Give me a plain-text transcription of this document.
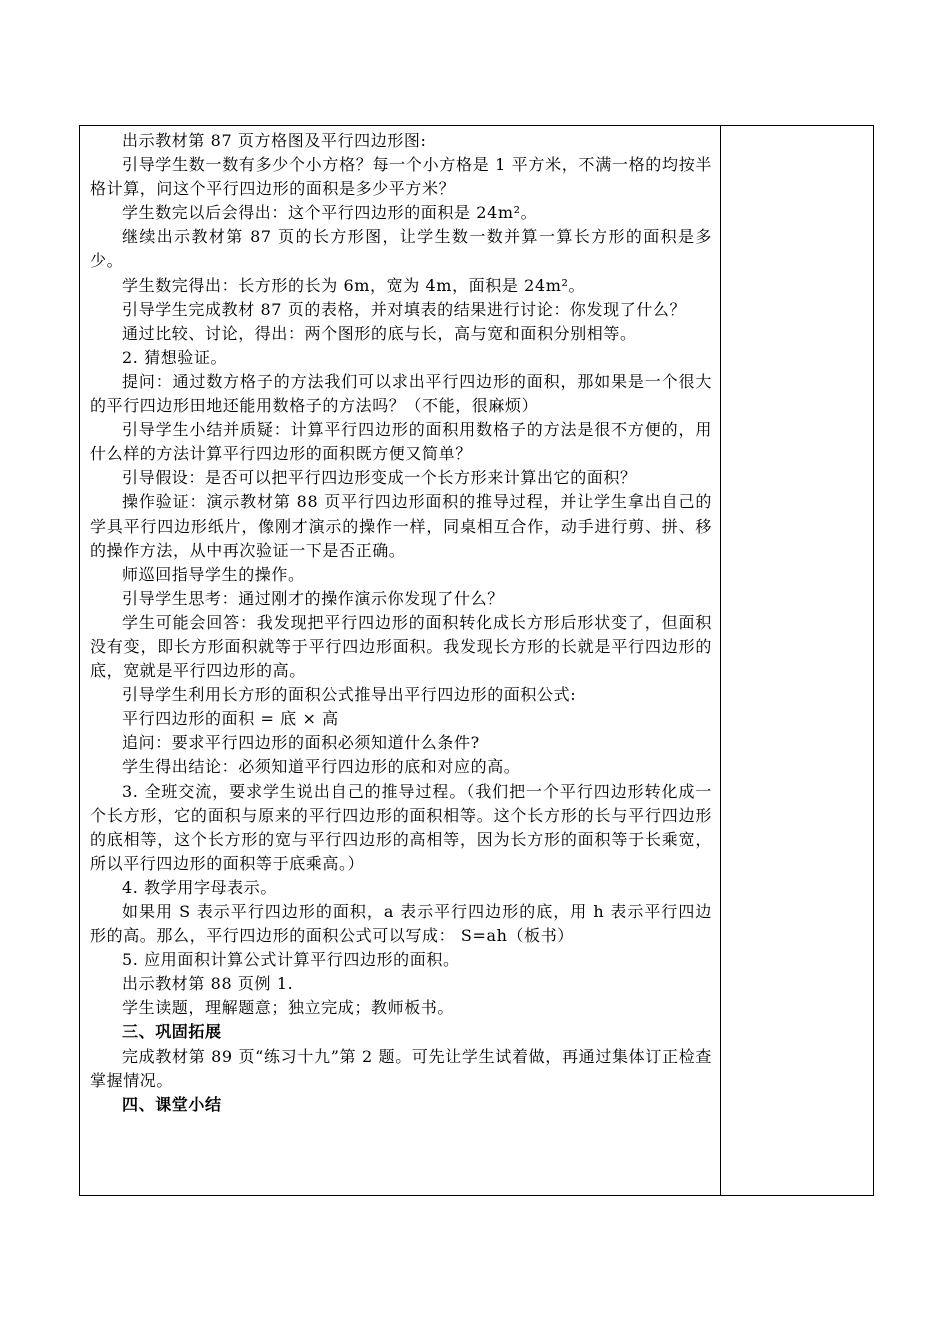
出示教材第 87 页方格图及平行四边形图:

引导学生数一数有多少个小方格？每一个小方格是 1 平方米，不满一格的均按半格计算，问这个平行四边形的面积是多少平方米？

学生数完以后会得出：这个平行四边形的面积是 24m²。

继续出示教材第 87 页的长方形图，让学生数一数并算一算长方形的面积是多少。

学生数完得出：长方形的长为 6m，宽为 4m，面积是 24m²。

引导学生完成教材 87 页的表格，并对填表的结果进行讨论：你发现了什么？

通过比较、讨论，得出：两个图形的底与长，高与宽和面积分别相等。

2. 猜想验证。

提问：通过数方格子的方法我们可以求出平行四边形的面积，那如果是一个很大的平行四边形田地还能用数格子的方法吗？（不能，很麻烦）

引导学生小结并质疑：计算平行四边形的面积用数格子的方法是很不方便的，用什么样的方法计算平行四边形的面积既方便又简单？

引导假设：是否可以把平行四边形变成一个长方形来计算出它的面积？

操作验证：演示教材第 88 页平行四边形面积的推导过程，并让学生拿出自己的学具平行四边形纸片，像刚才演示的操作一样，同桌相互合作，动手进行剪、拼、移的操作方法，从中再次验证一下是否正确。

师巡回指导学生的操作。

引导学生思考：通过刚才的操作演示你发现了什么？

学生可能会回答：我发现把平行四边形的面积转化成长方形后形状变了，但面积没有变，即长方形面积就等于平行四边形面积。我发现长方形的长就是平行四边形的底，宽就是平行四边形的高。

引导学生利用长方形的面积公式推导出平行四边形的面积公式:

平行四边形的面积 = 底 × 高

追问：要求平行四边形的面积必须知道什么条件?

学生得出结论：必须知道平行四边形的底和对应的高。

3. 全班交流，要求学生说出自己的推导过程。（我们把一个平行四边形转化成一个长方形，它的面积与原来的平行四边形的面积相等。这个长方形的长与平行四边形的底相等，这个长方形的宽与平行四边形的高相等，因为长方形的面积等于长乘宽，所以平行四边形的面积等于底乘高。）

4. 教学用字母表示。

如果用 S 表示平行四边形的面积，a 表示平行四边形的底，用 h 表示平行四边形的高。那么，平行四边形的面积公式可以写成： S=ah（板书）

5. 应用面积计算公式计算平行四边形的面积。

出示教材第 88 页例 1.

学生读题，理解题意；独立完成；教师板书。

三、巩固拓展

完成教材第 89 页“练习十九”第 2 题。可先让学生试着做，再通过集体订正检查掌握情况。

四、课堂小结
